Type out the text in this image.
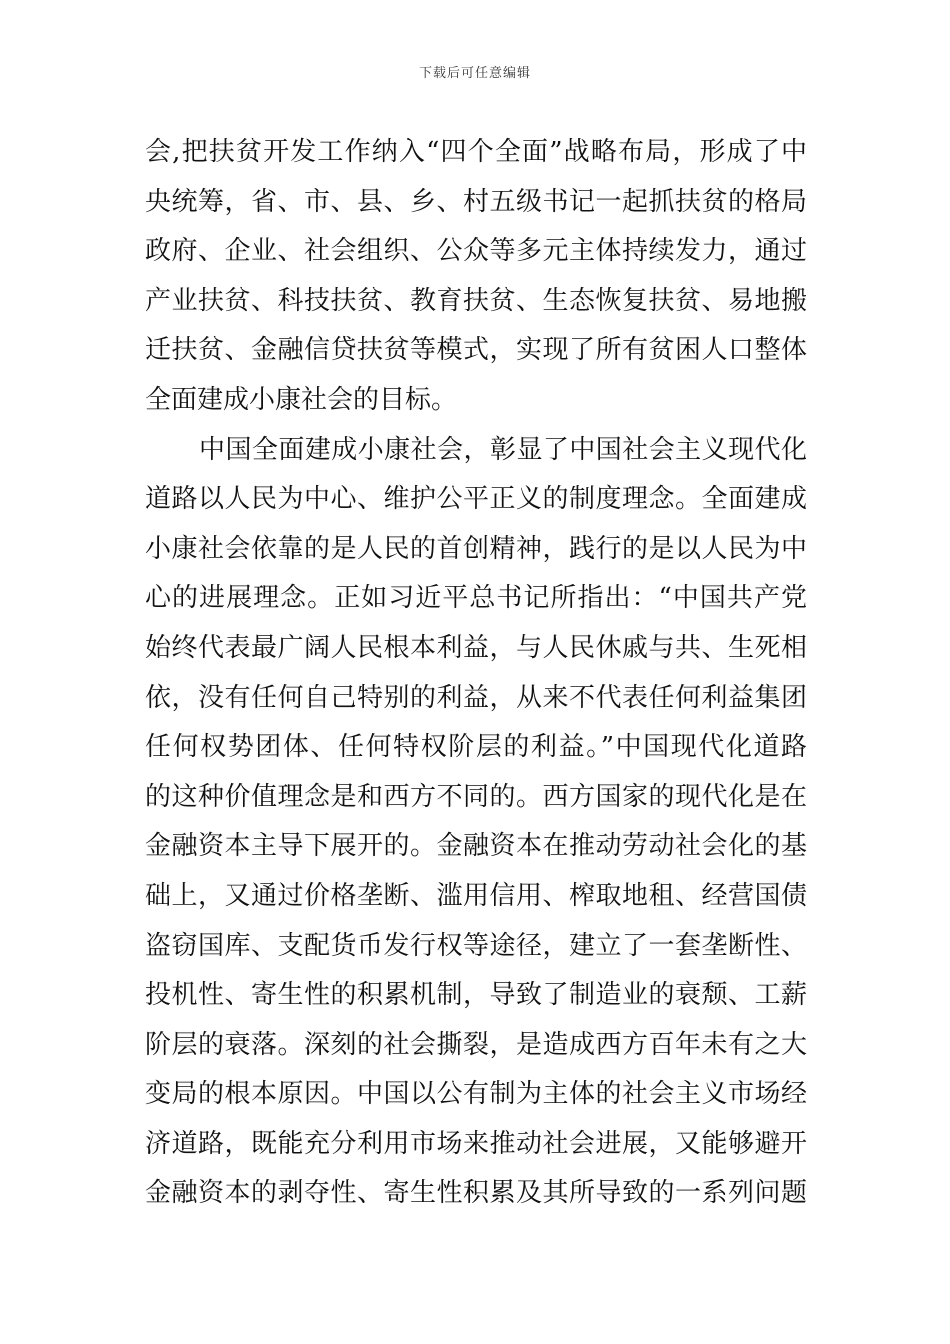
下载后可任意编辑
会,把扶贫开发工作纳入“四个全面”战略布局，形成了中
央统筹，省、市、县、乡、村五级书记一起抓扶贫的格局
政府、企业、社会组织、公众等多元主体持续发力，通过
产业扶贫、科技扶贫、教育扶贫、生态恢复扶贫、易地搬
迁扶贫、金融信贷扶贫等模式，实现了所有贫困人口整体
全面建成小康社会的目标。
中国全面建成小康社会，彰显了中国社会主义现代化
道路以人民为中心、维护公平正义的制度理念。全面建成
小康社会依靠的是人民的首创精神，践行的是以人民为中
心的进展理念。正如习近平总书记所指出：“中国共产党
始终代表最广阔人民根本利益，与人民休戚与共、生死相
依，没有任何自己特别的利益，从来不代表任何利益集团
任何权势团体、任何特权阶层的利益。”中国现代化道路
的这种价值理念是和西方不同的。西方国家的现代化是在
金融资本主导下展开的。金融资本在推动劳动社会化的基
础上，又通过价格垄断、滥用信用、榨取地租、经营国债
盗窃国库、支配货币发行权等途径，建立了一套垄断性、
投机性、寄生性的积累机制，导致了制造业的衰颓、工薪
阶层的衰落。深刻的社会撕裂，是造成西方百年未有之大
变局的根本原因。中国以公有制为主体的社会主义市场经
济道路，既能充分利用市场来推动社会进展，又能够避开
金融资本的剥夺性、寄生性积累及其所导致的一系列问题
